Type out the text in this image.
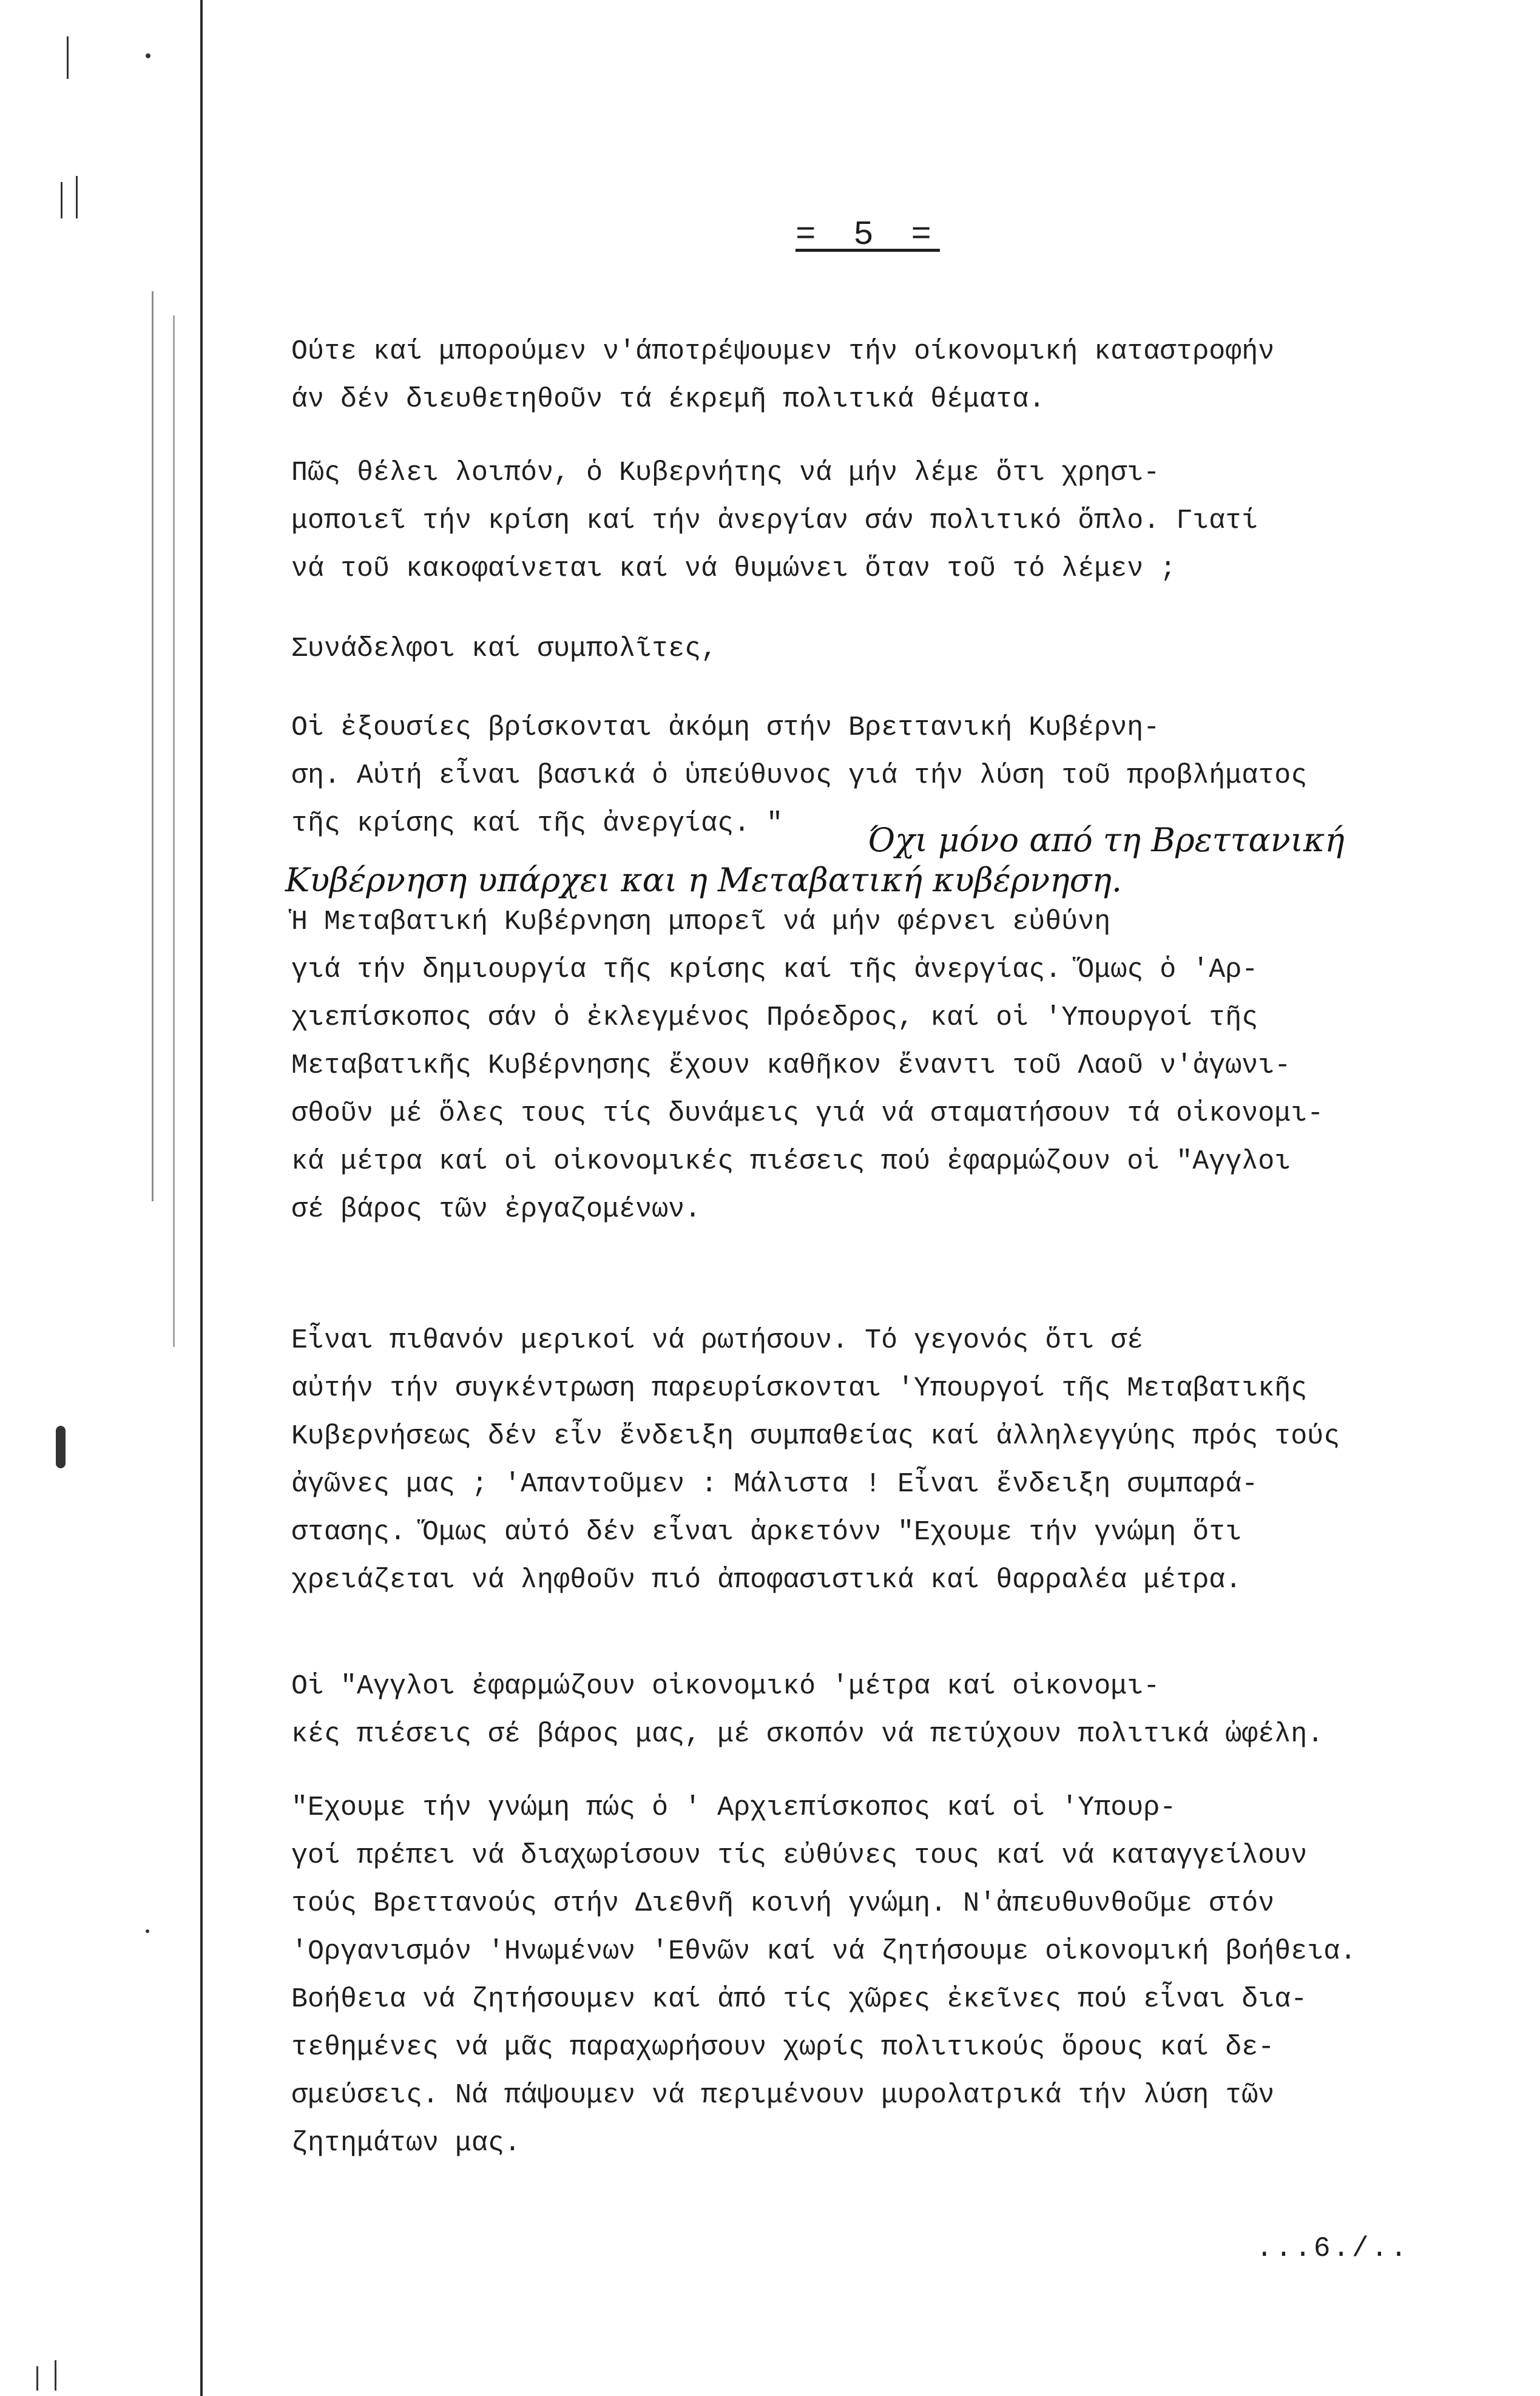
= 5 =
Ούτε καί μπορούμεν ν'άποτρέψουμεν τήν οίκονομική καταστροφήν
άν δέν διευθετηθοῦν τά έκρεμῆ πολιτικά θέματα.
Πῶς θέλει λοιπόν, ὁ Κυβερνήτης νά μήν λέμε ὅτι χρησι-
μοποιεῖ τήν κρίση καί τήν ἀνεργίαν σάν πολιτικό ὅπλο. Γιατί
νά τοῦ κακοφαίνεται καί νά θυμώνει ὅταν τοῦ τό λέμεν ;
Συνάδελφοι καί συμπολῖτες,
Οἱ ἐξουσίες βρίσκονται ἀκόμη στήν Βρεττανική Κυβέρνη-
ση. Αὐτή εἶναι βασικά ὁ ὑπεύθυνος γιά τήν λύση τοῦ προβλήματος
τῆς κρίσης καί τῆς ἀνεργίας. "	Όχι μόνο από τη Βρεττανική
Κυβέρνηση υπάρχει και η Μεταβατική κυβέρνηση.
Ἡ Μεταβατική Κυβέρνηση μπορεῖ νά μήν φέρνει εὐθύνη
γιά τήν δημιουργία τῆς κρίσης καί τῆς ἀνεργίας. Ὅμως ὁ 'Αρ-
χιεπίσκοπος σάν ὁ ἐκλεγμένος Πρόεδρος, καί οἱ 'Υπουργοί τῆς
Μεταβατικῆς Κυβέρνησης ἔχουν καθῆκον ἔναντι τοῦ Λαοῦ ν'ἀγωνι-
σθοῦν μέ ὅλες τους τίς δυνάμεις γιά νά σταματήσουν τά οἰκονομι-
κά μέτρα καί οἱ οἰκονομικές πιέσεις πού ἐφαρμώζουν οἱ "Αγγλοι
σέ βάρος τῶν ἐργαζομένων.
Εἶναι πιθανόν μερικοί νά ρωτήσουν. Τό γεγονός ὅτι σέ
αὐτήν τήν συγκέντρωση παρευρίσκονται 'Υπουργοί τῆς Μεταβατικῆς
Κυβερνήσεως δέν εἶν ἔνδειξη συμπαθείας καί ἀλληλεγγύης πρός τούς
ἀγῶνες μας ; 'Απαντοῦμεν : Μάλιστα ! Εἶναι ἔνδειξη συμπαρά-
στασης. Ὅμως αὐτό δέν εἶναι ἀρκετόνν "Εχουμε τήν γνώμη ὅτι
χρειάζεται νά ληφθοῦν πιό ἀποφασιστικά καί θαρραλέα μέτρα.
Οἱ "Αγγλοι ἐφαρμώζουν οἰκονομικό 'μέτρα καί οἰκονομι-
κές πιέσεις σέ βάρος μας, μέ σκοπόν νά πετύχουν πολιτικά ὠφέλη.
"Εχουμε τήν γνώμη πώς ὁ ' Αρχιεπίσκοπος καί οἱ 'Υπουρ-
γοί πρέπει νά διαχωρίσουν τίς εὐθύνες τους καί νά καταγγείλουν
τούς Βρεττανούς στήν Διεθνῆ κοινή γνώμη. Ν'ἀπευθυνθοῦμε στόν
'Οργανισμόν 'Ηνωμένων 'Εθνῶν καί νά ζητήσουμε οἰκονομική βοήθεια.
Βοήθεια νά ζητήσουμεν καί ἀπό τίς χῶρες ἐκεῖνες πού εἶναι δια-
τεθημένες νά μᾶς παραχωρήσουν χωρίς πολιτικούς ὅρους καί δε-
σμεύσεις. Νά πάψουμεν νά περιμένουν μυρολατρικά τήν λύση τῶν
ζητημάτων μας.
...6./..
